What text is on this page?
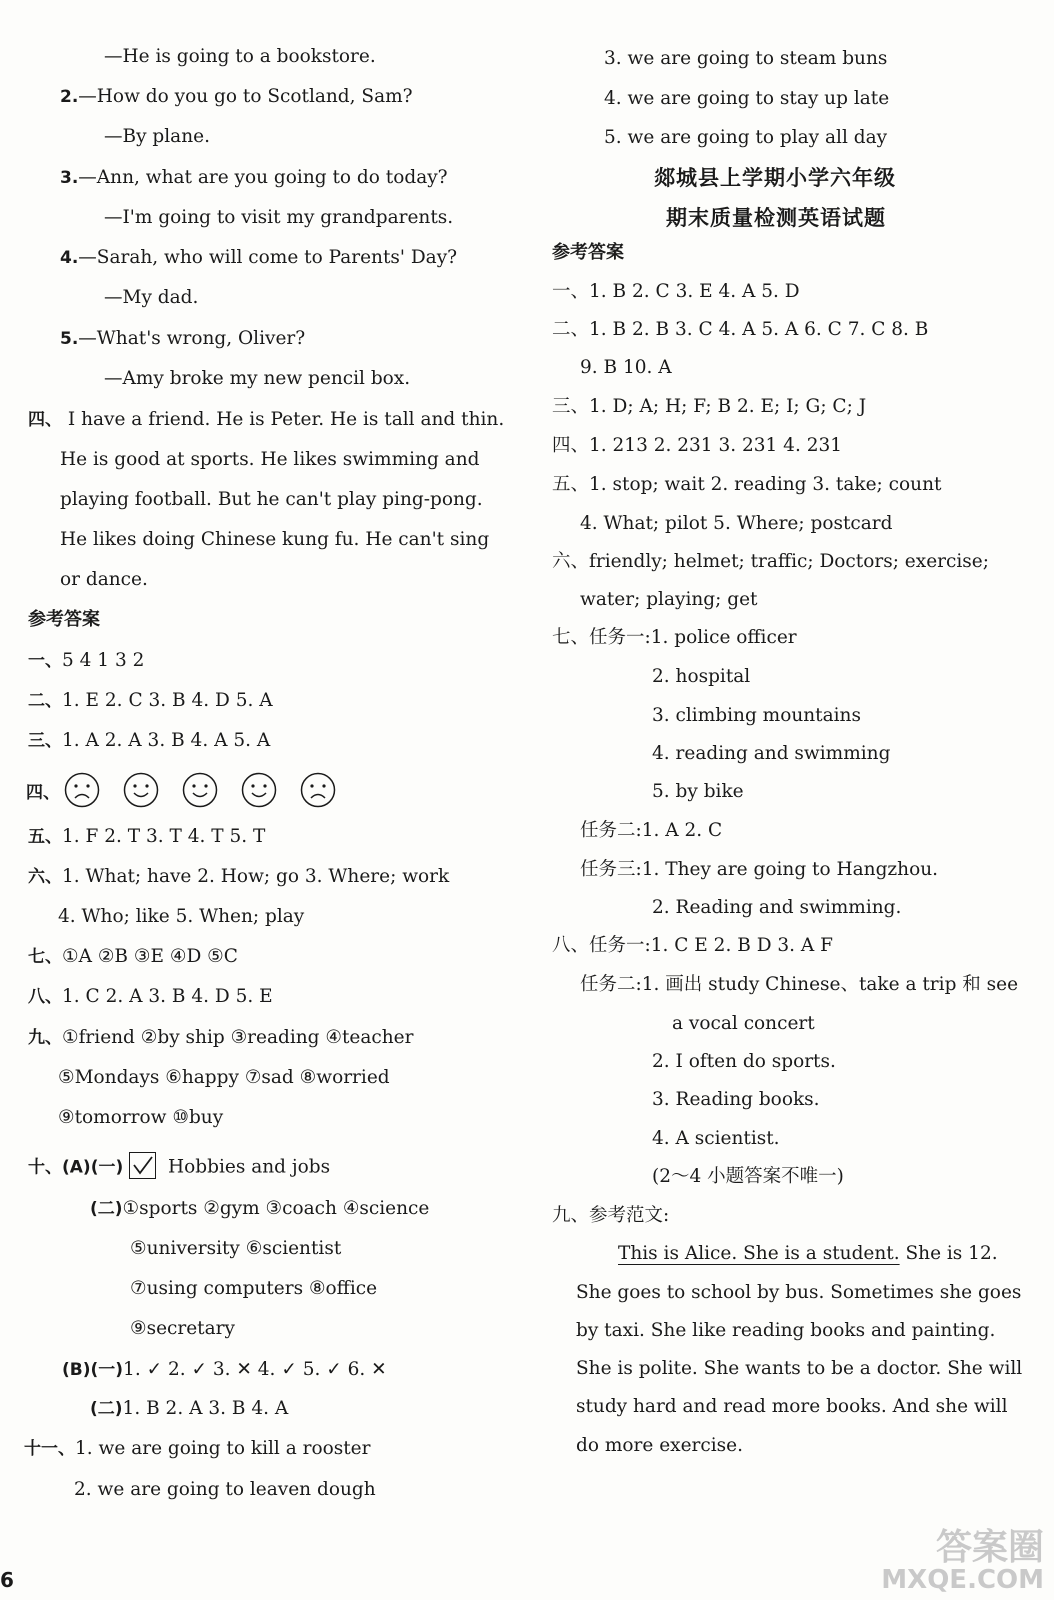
—He is going to a bookstore.
2.—How do you go to Scotland, Sam?
—By plane.
3.—Ann, what are you going to do today?
—I'm going to visit my grandparents.
4.—Sarah, who will come to Parents' Day?
—My dad.
5.—What's wrong, Oliver?
—Amy broke my new pencil box.
四、 I have a friend. He is Peter. He is tall and thin.
He is good at sports. He likes swimming and
playing football. But he can't play ping-pong.
He likes doing Chinese kung fu. He can't sing
or dance.
一、5 4 1 3 2
二、1. E 2. C 3. B 4. D 5. A
三、1. A 2. A 3. B 4. A 5. A
五、1. F 2. T 3. T 4. T 5. T
六、1. What; have 2. How; go 3. Where; work
4. Who; like 5. When; play
七、①A ②B ③E ④D ⑤C
八、1. C 2. A 3. B 4. D 5. E
九、①friend ②by ship ③reading ④teacher
⑤Mondays ⑥happy ⑦sad ⑧worried
⑨tomorrow ⑩buy
(二)①sports ②gym ③coach ④science
⑤university ⑥scientist
⑦using computers ⑧office
⑨secretary
(B)(一)1. ✓ 2. ✓ 3. ✕ 4. ✓ 5. ✓ 6. ✕
(二)1. B 2. A 3. B 4. A
十一、1. we are going to kill a rooster
2. we are going to leaven dough
参考答案
四、
十、(A)(一) Hobbies and jobs
3. we are going to steam buns
4. we are going to stay up late
5. we are going to play all day
郯城县上学期小学六年级
期末质量检测英语试题
参考答案
一、1. B 2. C 3. E 4. A 5. D
二、1. B 2. B 3. C 4. A 5. A 6. C 7. C 8. B
9. B 10. A
三、1. D; A; H; F; B 2. E; I; G; C; J
四、1. 213 2. 231 3. 231 4. 231
五、1. stop; wait 2. reading 3. take; count
4. What; pilot 5. Where; postcard
六、friendly; helmet; traffic; Doctors; exercise;
water; playing; get
七、任务一:1. police officer
2. hospital
3. climbing mountains
4. reading and swimming
5. by bike
任务二:1. A 2. C
任务三:1. They are going to Hangzhou.
2. Reading and swimming.
八、任务一:1. C E 2. B D 3. A F
任务二:1. 画出 study Chinese、take a trip 和 see
a vocal concert
2. I often do sports.
3. Reading books.
4. A scientist.
(2～4 小题答案不唯一)
九、参考范文:
She goes to school by bus. Sometimes she goes
by taxi. She like reading books and painting.
She is polite. She wants to be a doctor. She will
study hard and read more books. And she will
do more exercise.
This is Alice. She is a student. She is 12.
6
答案圈
MXQE.COM
